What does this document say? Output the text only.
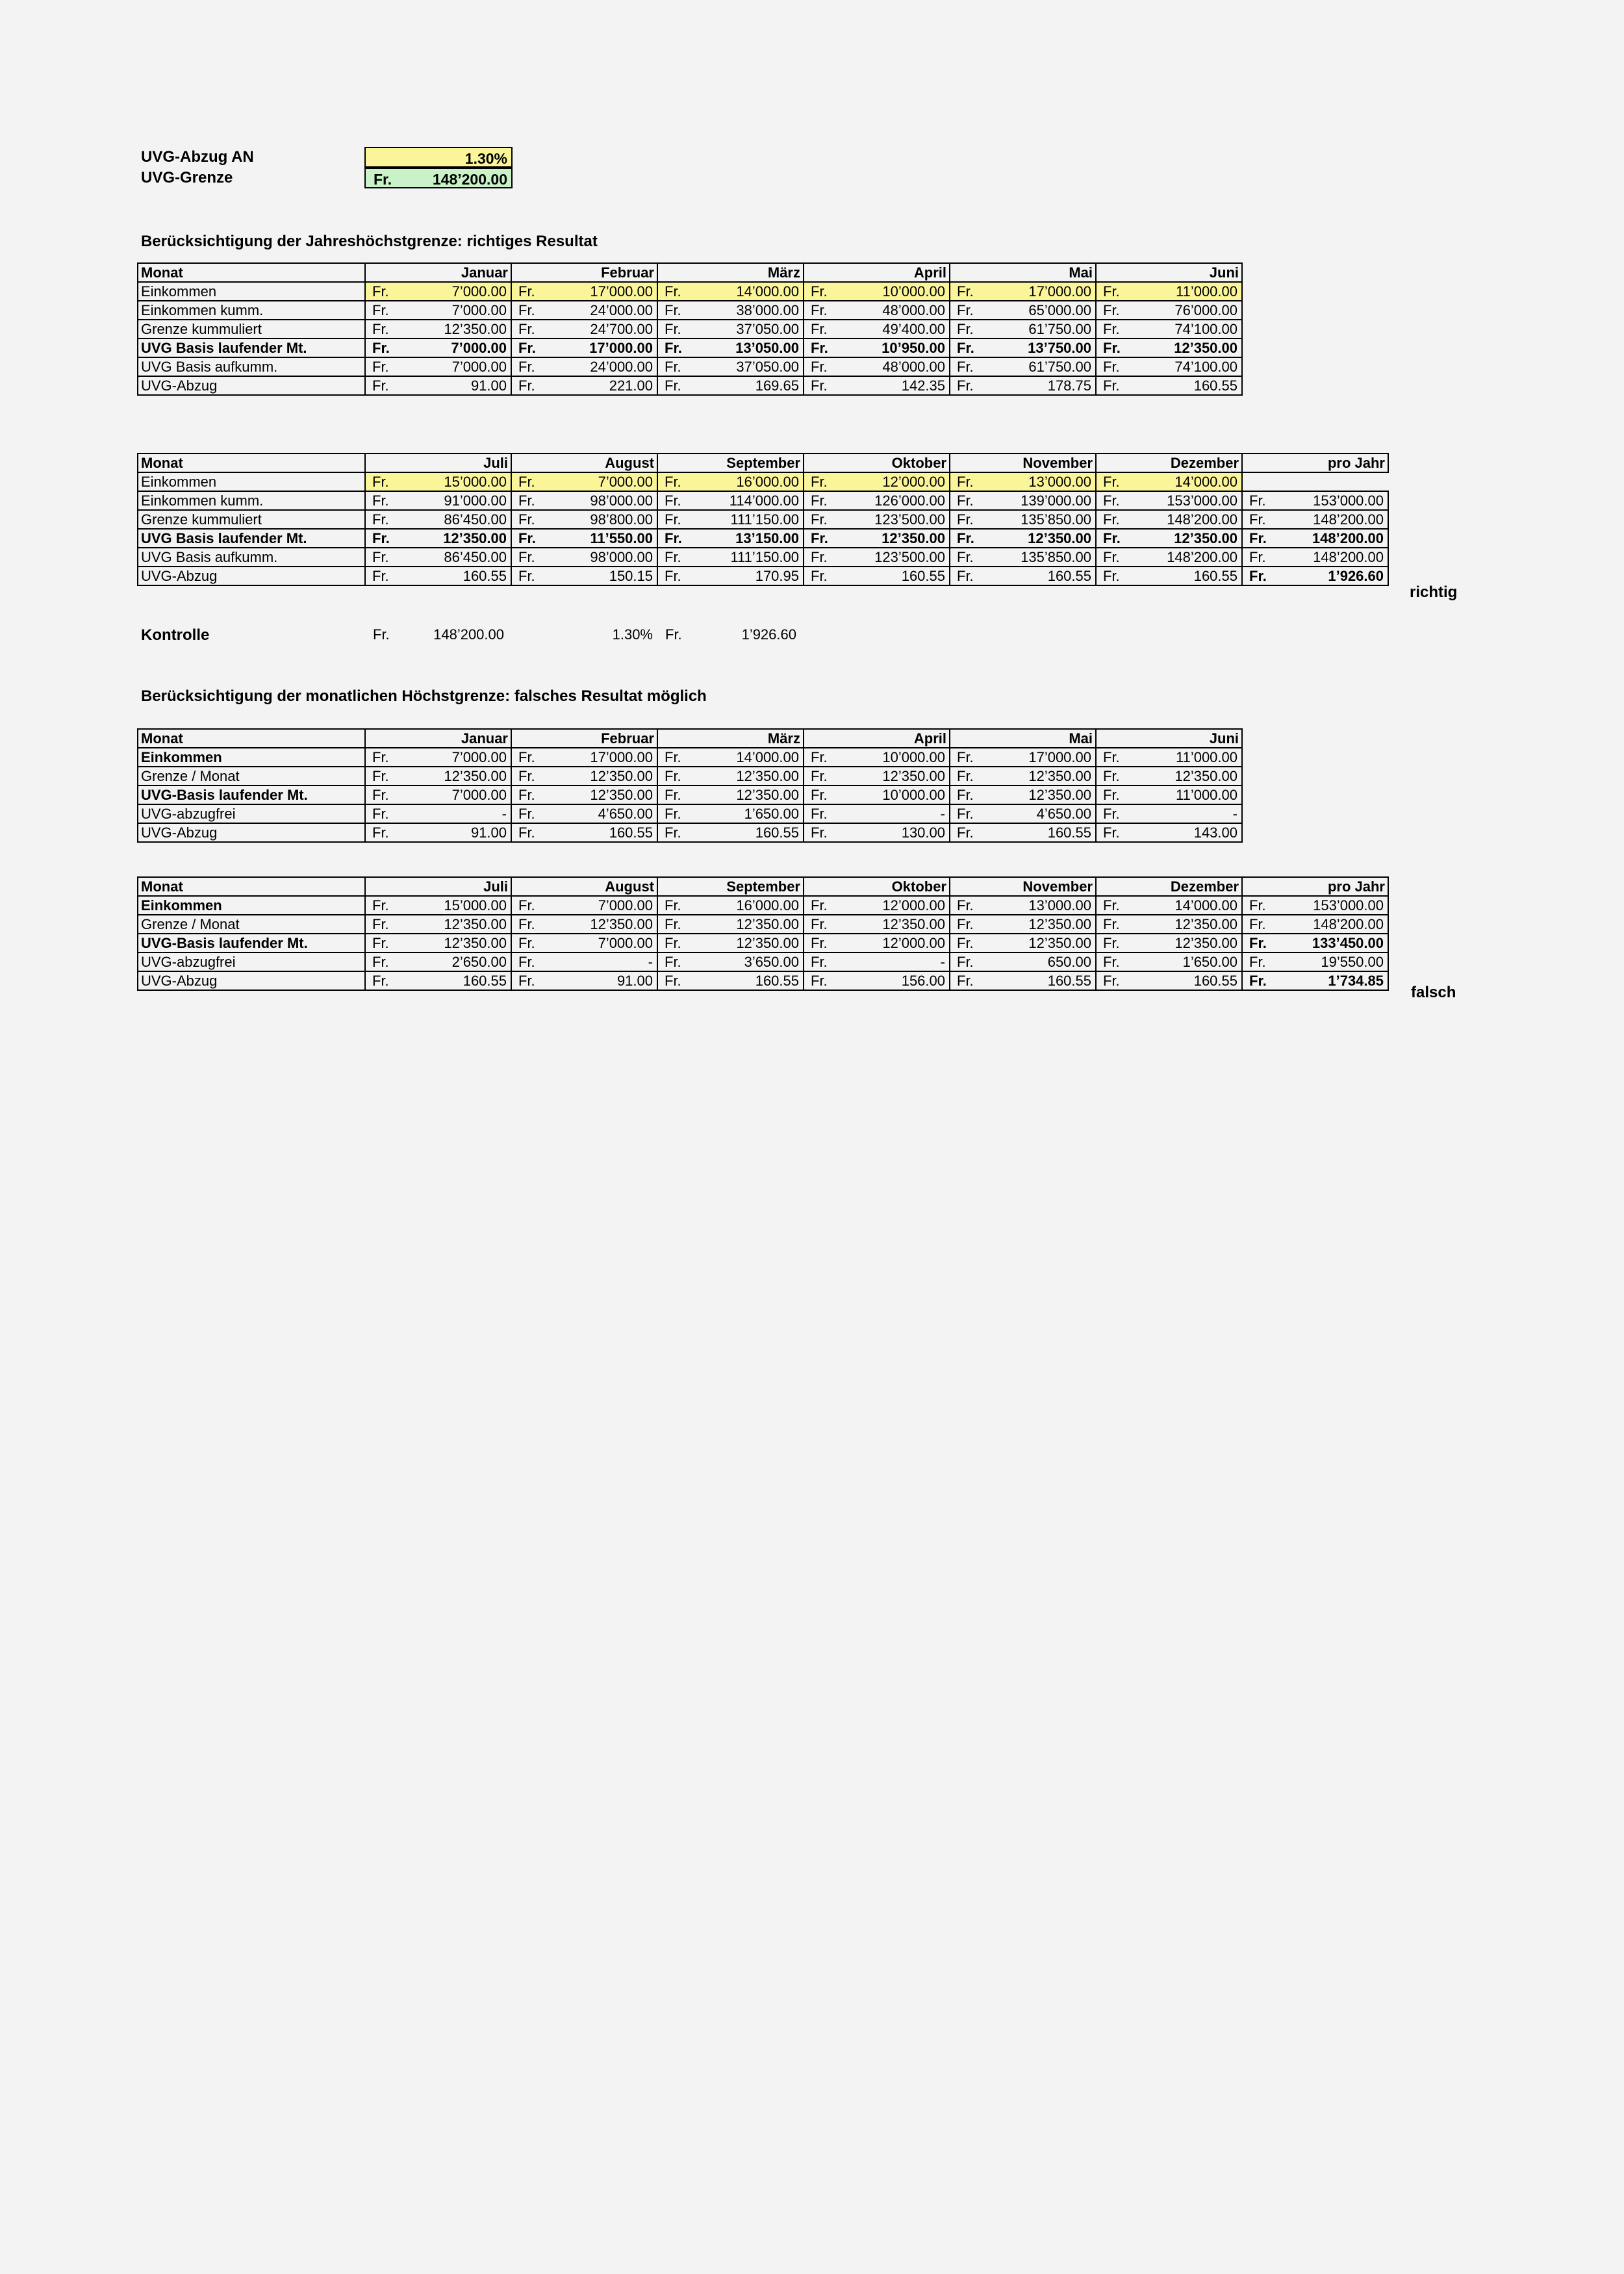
UVG-Abzug AN	1.30%
UVG-Grenze	Fr.	148’200.00
Berücksichtigung der Jahreshöchstgrenze: richtiges Resultat
Monat	Januar	Februar	März	April	Mai	Juni

Einkommen	Fr. 7’000.00	Fr. 17’000.00	Fr. 14’000.00	Fr. 10’000.00	Fr. 17’000.00	Fr. 11’000.00

Einkommen kumm.	Fr. 7’000.00	Fr. 24’000.00	Fr. 38’000.00	Fr. 48’000.00	Fr. 65’000.00	Fr. 76’000.00

Grenze kummuliert	Fr. 12’350.00	Fr. 24’700.00	Fr. 37’050.00	Fr. 49’400.00	Fr. 61’750.00	Fr. 74’100.00

UVG Basis laufender Mt.	Fr. 7’000.00	Fr. 17’000.00	Fr. 13’050.00	Fr. 10’950.00	Fr. 13’750.00	Fr. 12’350.00

UVG Basis aufkumm.	Fr. 7’000.00	Fr. 24’000.00	Fr. 37’050.00	Fr. 48’000.00	Fr. 61’750.00	Fr. 74’100.00

UVG-Abzug	Fr. 91.00	Fr. 221.00	Fr. 169.65	Fr. 142.35	Fr. 178.75	Fr. 160.55
Monat	Juli	August	September	Oktober	November	Dezember	pro Jahr

Einkommen	Fr. 15’000.00	Fr. 7’000.00	Fr. 16’000.00	Fr. 12’000.00	Fr. 13’000.00	Fr. 14’000.00	

Einkommen kumm.	Fr. 91’000.00	Fr. 98’000.00	Fr. 114’000.00	Fr. 126’000.00	Fr. 139’000.00	Fr. 153’000.00	Fr. 153’000.00

Grenze kummuliert	Fr. 86’450.00	Fr. 98’800.00	Fr. 111’150.00	Fr. 123’500.00	Fr. 135’850.00	Fr. 148’200.00	Fr. 148’200.00

UVG Basis laufender Mt.	Fr. 12’350.00	Fr. 11’550.00	Fr. 13’150.00	Fr. 12’350.00	Fr. 12’350.00	Fr. 12’350.00	Fr. 148’200.00

UVG Basis aufkumm.	Fr. 86’450.00	Fr. 98’000.00	Fr. 111’150.00	Fr. 123’500.00	Fr. 135’850.00	Fr. 148’200.00	Fr. 148’200.00

UVG-Abzug	Fr. 160.55	Fr. 150.15	Fr. 170.95	Fr. 160.55	Fr. 160.55	Fr. 160.55	Fr. 1’926.60
richtig
Kontrolle	Fr.	148’200.00	1.30% Fr.	1’926.60
Berücksichtigung der monatlichen Höchstgrenze: falsches Resultat möglich
Monat	Januar	Februar	März	April	Mai	Juni

Einkommen	Fr. 7’000.00	Fr. 17’000.00	Fr. 14’000.00	Fr. 10’000.00	Fr. 17’000.00	Fr. 11’000.00

Grenze / Monat	Fr. 12’350.00	Fr. 12’350.00	Fr. 12’350.00	Fr. 12’350.00	Fr. 12’350.00	Fr. 12’350.00

UVG-Basis laufender Mt.	Fr. 7’000.00	Fr. 12’350.00	Fr. 12’350.00	Fr. 10’000.00	Fr. 12’350.00	Fr. 11’000.00

UVG-abzugfrei	Fr. -	Fr. 4’650.00	Fr. 1’650.00	Fr. -	Fr. 4’650.00	Fr. -

UVG-Abzug	Fr. 91.00	Fr. 160.55	Fr. 160.55	Fr. 130.00	Fr. 160.55	Fr. 143.00
Monat	Juli	August	September	Oktober	November	Dezember	pro Jahr

Einkommen	Fr. 15’000.00	Fr. 7’000.00	Fr. 16’000.00	Fr. 12’000.00	Fr. 13’000.00	Fr. 14’000.00	Fr. 153’000.00

Grenze / Monat	Fr. 12’350.00	Fr. 12’350.00	Fr. 12’350.00	Fr. 12’350.00	Fr. 12’350.00	Fr. 12’350.00	Fr. 148’200.00

UVG-Basis laufender Mt.	Fr. 12’350.00	Fr. 7’000.00	Fr. 12’350.00	Fr. 12’000.00	Fr. 12’350.00	Fr. 12’350.00	Fr. 133’450.00

UVG-abzugfrei	Fr. 2’650.00	Fr. -	Fr. 3’650.00	Fr. -	Fr. 650.00	Fr. 1’650.00	Fr. 19’550.00

UVG-Abzug	Fr. 160.55	Fr. 91.00	Fr. 160.55	Fr. 156.00	Fr. 160.55	Fr. 160.55	Fr. 1’734.85
falsch
